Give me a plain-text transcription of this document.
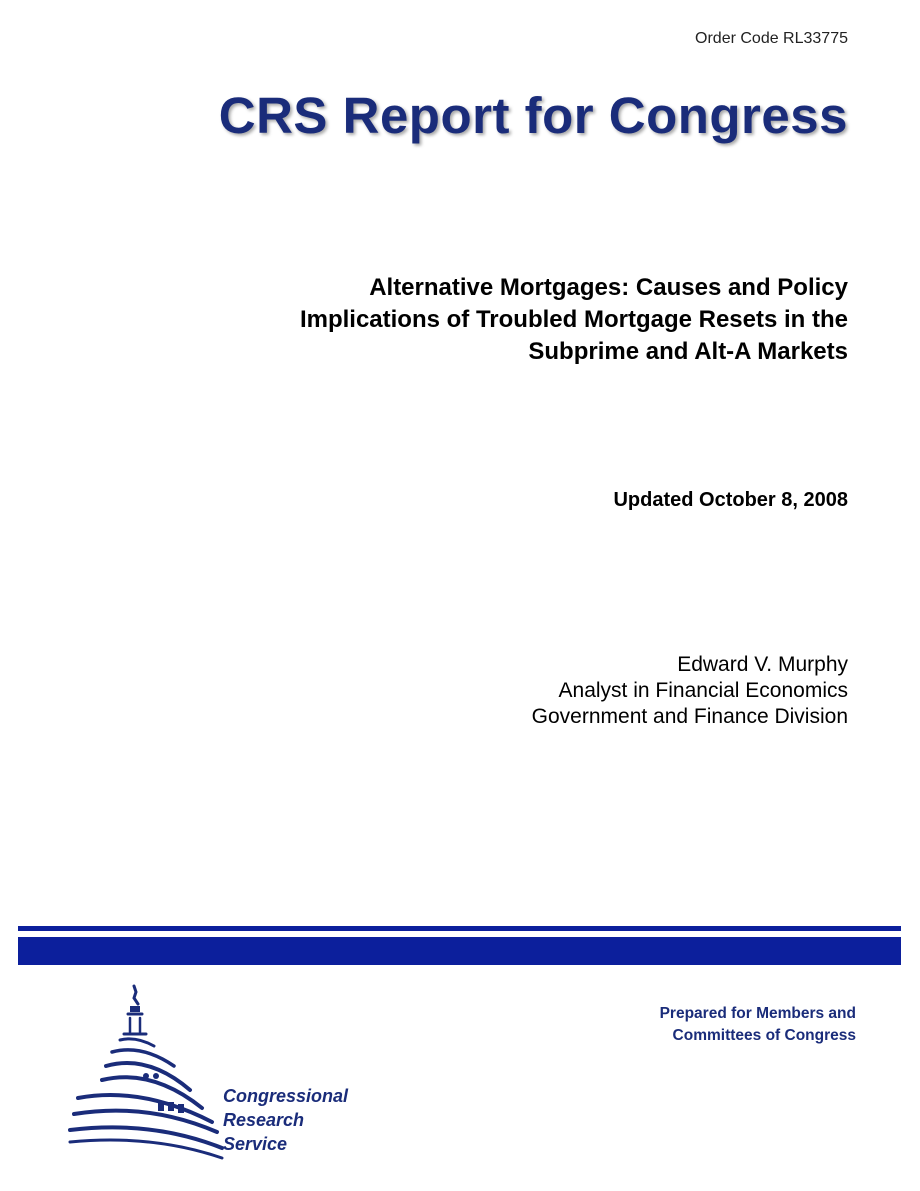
Order Code RL33775
CRS Report for Congress
Alternative Mortgages: Causes and Policy
Implications of Troubled Mortgage Resets in the
Subprime and Alt-A Markets
Updated October 8, 2008
Edward V. Murphy
Analyst in Financial Economics
Government and Finance Division
Prepared for Members and
Committees of Congress
Congressional
Research
Service
